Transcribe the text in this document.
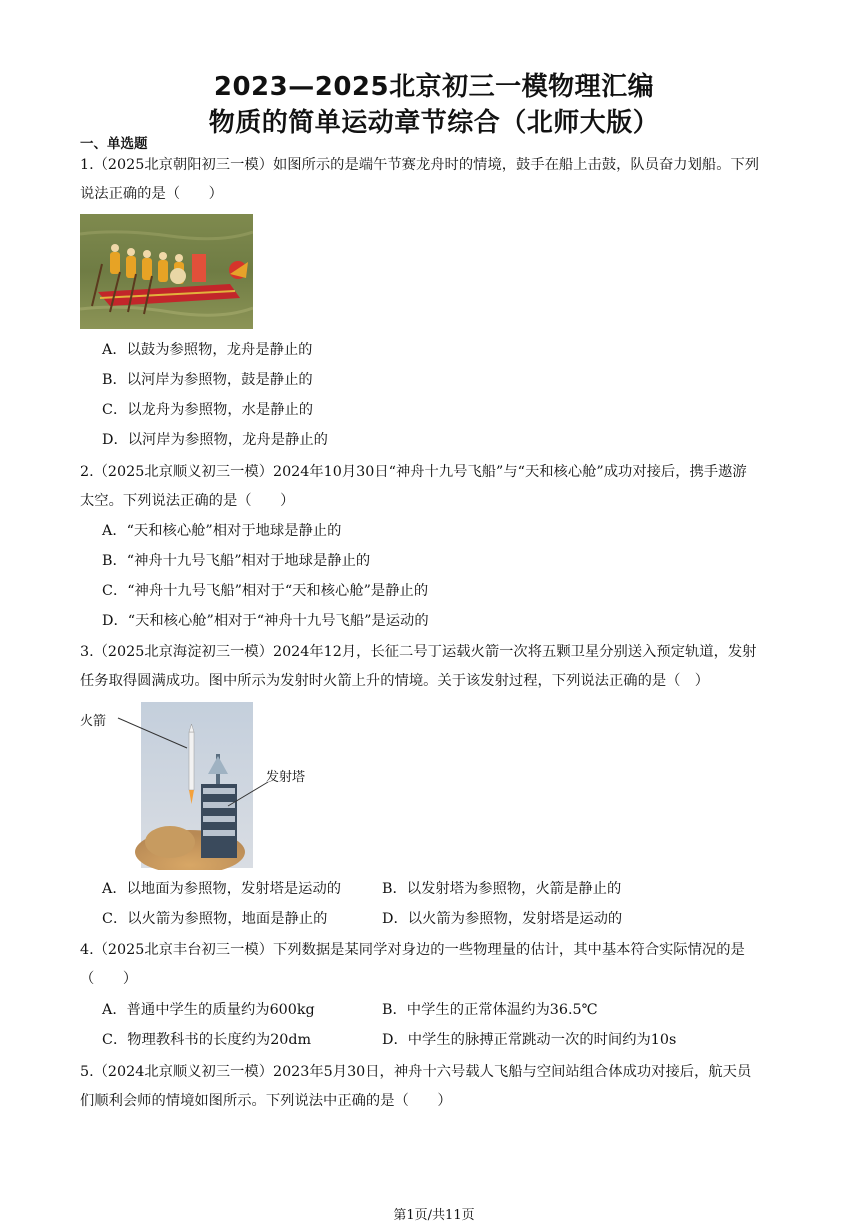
2023—2025北京初三一模物理汇编
物质的简单运动章节综合（北师大版）
一、单选题
1.（2025北京朝阳初三一模）如图所示的是端午节赛龙舟时的情境，鼓手在船上击鼓，队员奋力划船。下列
说法正确的是（　　）
A．以鼓为参照物，龙舟是静止的
B．以河岸为参照物，鼓是静止的
C．以龙舟为参照物，水是静止的
D．以河岸为参照物，龙舟是静止的
2.（2025北京顺义初三一模）2024年10月30日“神舟十九号飞船”与“天和核心舱”成功对接后，携手遨游
太空。下列说法正确的是（　　）
A．“天和核心舱”相对于地球是静止的
B．“神舟十九号飞船”相对于地球是静止的
C．“神舟十九号飞船”相对于“天和核心舱”是静止的
D．“天和核心舱”相对于“神舟十九号飞船”是运动的
3.（2025北京海淀初三一模）2024年12月，长征二号丁运载火箭一次将五颗卫星分别送入预定轨道，发射
任务取得圆满成功。图中所示为发射时火箭上升的情境。关于该发射过程，下列说法正确的是（　）
火箭
发射塔
A．以地面为参照物，发射塔是运动的	B．以发射塔为参照物，火箭是静止的
C．以火箭为参照物，地面是静止的	D．以火箭为参照物，发射塔是运动的
4.（2025北京丰台初三一模）下列数据是某同学对身边的一些物理量的估计，其中基本符合实际情况的是
（　　）
A．普通中学生的质量约为600kg	B．中学生的正常体温约为36.5℃
C．物理教科书的长度约为20dm	D．中学生的脉搏正常跳动一次的时间约为10s
5.（2024北京顺义初三一模）2023年5月30日，神舟十六号载人飞船与空间站组合体成功对接后，航天员
们顺利会师的情境如图所示。下列说法中正确的是（　　）
第1页/共11页
